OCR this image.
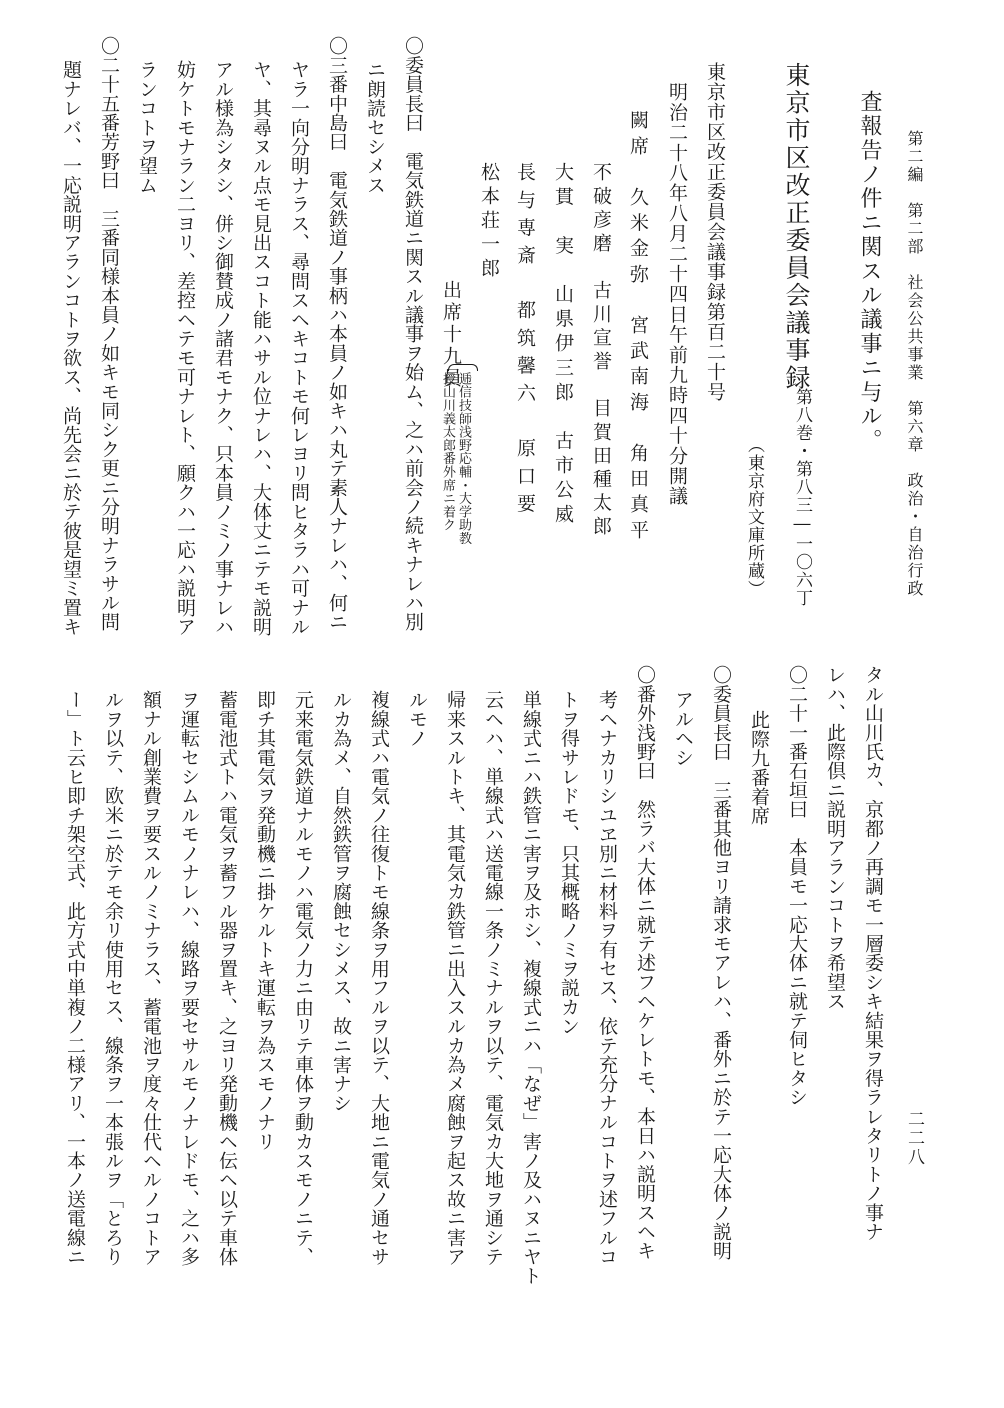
第二編　第二部　社会公共事業　第六章　政治・自治行政
二二八
査報告ノ件ニ関スル議事ニ与ル。
東京市区改正委員会議事録
第八巻・第八三―一〇六丁
（東京府文庫所蔵）
東京市区改正委員会議事録第百二十号
明治二十八年八月二十四日午前九時四十分開議
闕席　久米金弥　宮武南海　角田真平
不破彦磨　古川宣誉　目賀田種太郎
大貫　実　山県伊三郎　古市公威
長与専斎　都筑馨六　原口要
松本荘一郎
出席十九員
逓信技師浅野応輔・大学助教
授山川義太郎番外席ニ着ク
〇委員長曰　電気鉄道ニ関スル議事ヲ始ム、之ハ前会ノ続キナレハ別
ニ朗読セシメス
〇三番中島曰　電気鉄道ノ事柄ハ本員ノ如キハ丸テ素人ナレハ、何ニ
ヤラ一向分明ナラス、尋問スヘキコトモ何レヨリ問ヒタラハ可ナル
ヤ、其尋ヌル点モ見出スコト能ハサル位ナレハ、大体丈ニテモ説明
アル様為シタシ、併シ御賛成ノ諸君モナク、只本員ノミノ事ナレハ
妨ケトモナラン二ヨリ、差控ヘテモ可ナレト、願クハ一応ハ説明ア
ランコトヲ望ム
〇二十五番芳野曰　三番同様本員ノ如キモ同シク更ニ分明ナラサル問
題ナレバ、一応説明アランコトヲ欲ス、尚先会ニ於テ彼是望ミ置キ
タル山川氏カ、京都ノ再調モ一層委シキ結果ヲ得ラレタリトノ事ナ
レハ、此際倶ニ説明アランコトヲ希望ス
〇二十一番石垣曰　本員モ一応大体ニ就テ伺ヒタシ
此際九番着席
〇委員長曰　三番其他ヨリ請求モアレハ、番外ニ於テ一応大体ノ説明
アルヘシ
〇番外浅野曰　然ラバ大体ニ就テ述フヘケレトモ、本日ハ説明スヘキ
考ヘナカリシユヱ別ニ材料ヲ有セス、依テ充分ナルコトヲ述フルコ
トヲ得サレドモ、只其概略ノミヲ説カン
単線式ニハ鉄管ニ害ヲ及ホシ、複線式ニハ「なぜ」害ノ及ハヌニヤト
云ヘハ、単線式ハ送電線一条ノミナルヲ以テ、電気カ大地ヲ通シテ
帰来スルトキ、其電気カ鉄管ニ出入スルカ為メ腐蝕ヲ起ス故ニ害ア
ルモノ
複線式ハ電気ノ往復トモ線条ヲ用フルヲ以テ、大地ニ電気ノ通セサ
ルカ為メ、自然鉄管ヲ腐蝕セシメス、故ニ害ナシ
元来電気鉄道ナルモノハ電気ノ力ニ由リテ車体ヲ動カスモノニテ、
即チ其電気ヲ発動機ニ掛ケルトキ運転ヲ為スモノナリ
蓄電池式トハ電気ヲ蓄フル器ヲ置キ、之ヨリ発動機ヘ伝ヘ以テ車体
ヲ運転セシムルモノナレハ、線路ヲ要セサルモノナレドモ、之ハ多
額ナル創業費ヲ要スルノミナラス、蓄電池ヲ度々仕代ヘルノコトア
ルヲ以テ、欧米ニ於テモ余リ使用セス、線条ヲ一本張ルヲ「とろり
ー」ト云ヒ即チ架空式、此方式中単複ノ二様アリ、一本ノ送電線ニ
